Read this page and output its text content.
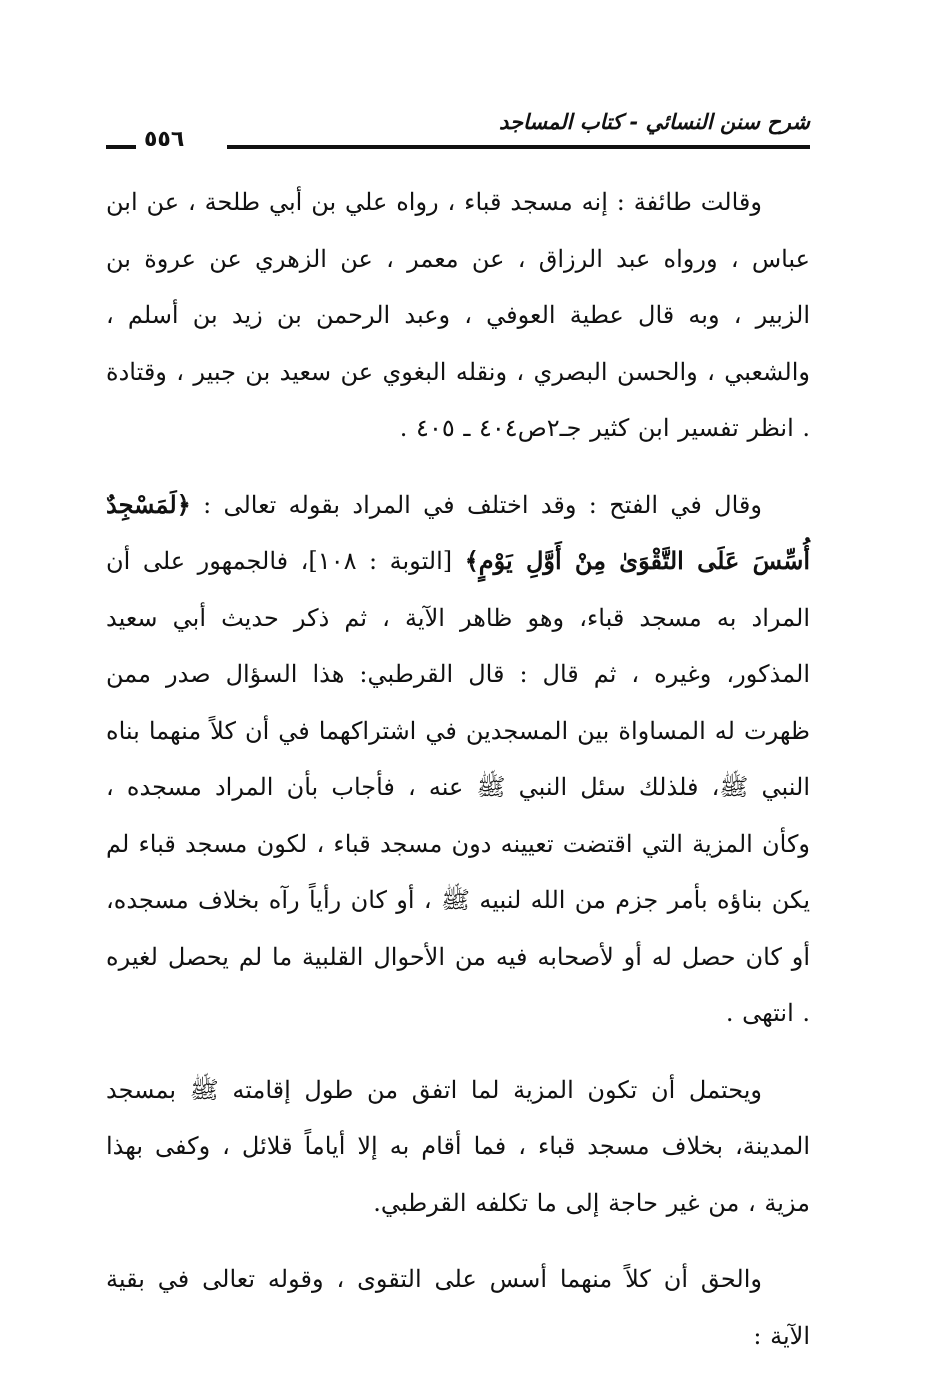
شرح سنن النسائي - كتاب المساجد
٥٥٦

وقالت طائفة : إنه مسجد قباء ، رواه علي بن أبي طلحة ، عن ابن عباس ، ورواه عبد الرزاق ، عن معمر ، عن الزهري عن عروة بن الزبير ، وبه قال عطية العوفي ، وعبد الرحمن بن زيد بن أسلم ، والشعبي ، والحسن البصري ، ونقله البغوي عن سعيد بن جبير ، وقتادة . انظر تفسير ابن كثير جـ٢ص٤٠٤ ـ ٤٠٥ .

وقال في الفتح : وقد اختلف في المراد بقوله تعالى : ﴿لَمَسْجِدٌ أُسِّسَ عَلَى التَّقْوَىٰ مِنْ أَوَّلِ يَوْمٍ﴾ [التوبة : ١٠٨]، فالجمهور على أن المراد به مسجد قباء، وهو ظاهر الآية ، ثم ذكر حديث أبي سعيد المذكور، وغيره ، ثم قال : قال القرطبي: هذا السؤال صدر ممن ظهرت له المساواة بين المسجدين في اشتراكهما في أن كلاً منهما بناه النبي ﷺ، فلذلك سئل النبي ﷺ عنه ، فأجاب بأن المراد مسجده ، وكأن المزية التي اقتضت تعيينه دون مسجد قباء ، لكون مسجد قباء لم يكن بناؤه بأمر جزم من الله لنبيه ﷺ ، أو كان رأياً رآه بخلاف مسجده، أو كان حصل له أو لأصحابه فيه من الأحوال القلبية ما لم يحصل لغيره . انتهى .

ويحتمل أن تكون المزية لما اتفق من طول إقامته ﷺ بمسجد المدينة، بخلاف مسجد قباء ، فما أقام به إلا أياماً قلائل ، وكفى بهذا مزية ، من غير حاجة إلى ما تكلفه القرطبي.

والحق أن كلاً منهما أسس على التقوى ، وقوله تعالى في بقية الآية :
